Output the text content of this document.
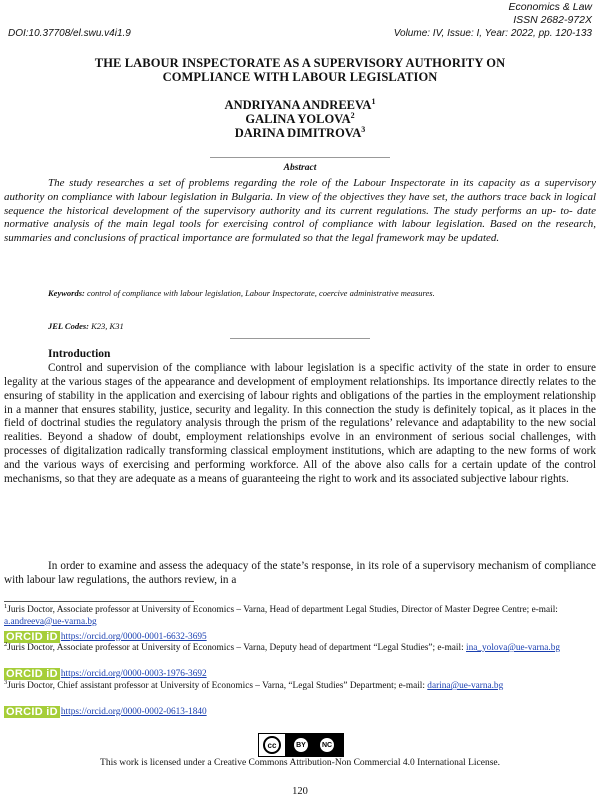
Economics & Law
ISSN 2682-972X
DOI:10.37708/el.swu.v4i1.9	Volume: IV, Issue: I, Year: 2022, pp. 120-133
THE LABOUR INSPECTORATE AS A SUPERVISORY AUTHORITY ON
COMPLIANCE WITH LABOUR LEGISLATION
ANDRIYANA ANDREEVA$^1$
GALINA YOLOVA$^2$
DARINA DIMITROVA$^3$
Abstract

The study researches a set of problems regarding the role of the Labour Inspectorate in its capacity as a supervisory authority on compliance with labour legislation in Bulgaria. In view of the objectives they have set, the authors trace back in logical sequence the historical development of the supervisory authority and its current regulations. The study performs an up- to- date normative analysis of the main legal tools for exercising control of compliance with labour legislation. Based on the research, summaries and conclusions of practical importance are formulated so that the legal framework may be updated.

Keywords: control of compliance with labour legislation, Labour Inspectorate, coercive administrative measures.

JEL Codes: K23, K31
Introduction

Control and supervision of the compliance with labour legislation is a specific activity of the state in order to ensure legality at the various stages of the appearance and development of employment relationships. Its importance directly relates to the ensuring of stability in the application and exercising of labour rights and obligations of the parties in the employment relationship in a manner that ensures stability, justice, security and legality. In this connection the study is definitely topical, as it places in the field of doctrinal studies the regulatory analysis through the prism of the regulations’ relevance and adaptability to the new social realities. Beyond a shadow of doubt, employment relationships evolve in an environment of serious social challenges, with processes of digitalization radically transforming classical employment institutions, which are adapting to the new forms of work and the various ways of exercising and performing workforce. All of the above also calls for a certain update of the control mechanisms, so that they are adequate as a means of guaranteeing the right to work and its associated subjective labour rights.

In order to examine and assess the adequacy of the state’s response, in its role of a supervisory mechanism of compliance with labour law regulations, the authors review, in a

$^1$Juris Doctor, Associate professor at University of Economics – Varna, Head of department Legal Studies, Director of Master Degree Centre; e-mail: a.andreeva@ue-varna.bg

ORCID iD https://orcid.org/0000-0001-6632-3695

$^2$Juris Doctor, Associate professor at University of Economics – Varna, Deputy head of department “Legal Studies”; e-mail: ina_yolova@ue-varna.bg

ORCID iD https://orcid.org/0000-0003-1976-3692

$^3$Juris Doctor, Chief assistant professor at University of Economics – Varna, “Legal Studies” Department; e-mail: darina@ue-varna.bg

ORCID iD https://orcid.org/0000-0002-0613-1840
cc	BY	NC
This work is licensed under a Creative Commons Attribution-Non Commercial 4.0 International License.
120
